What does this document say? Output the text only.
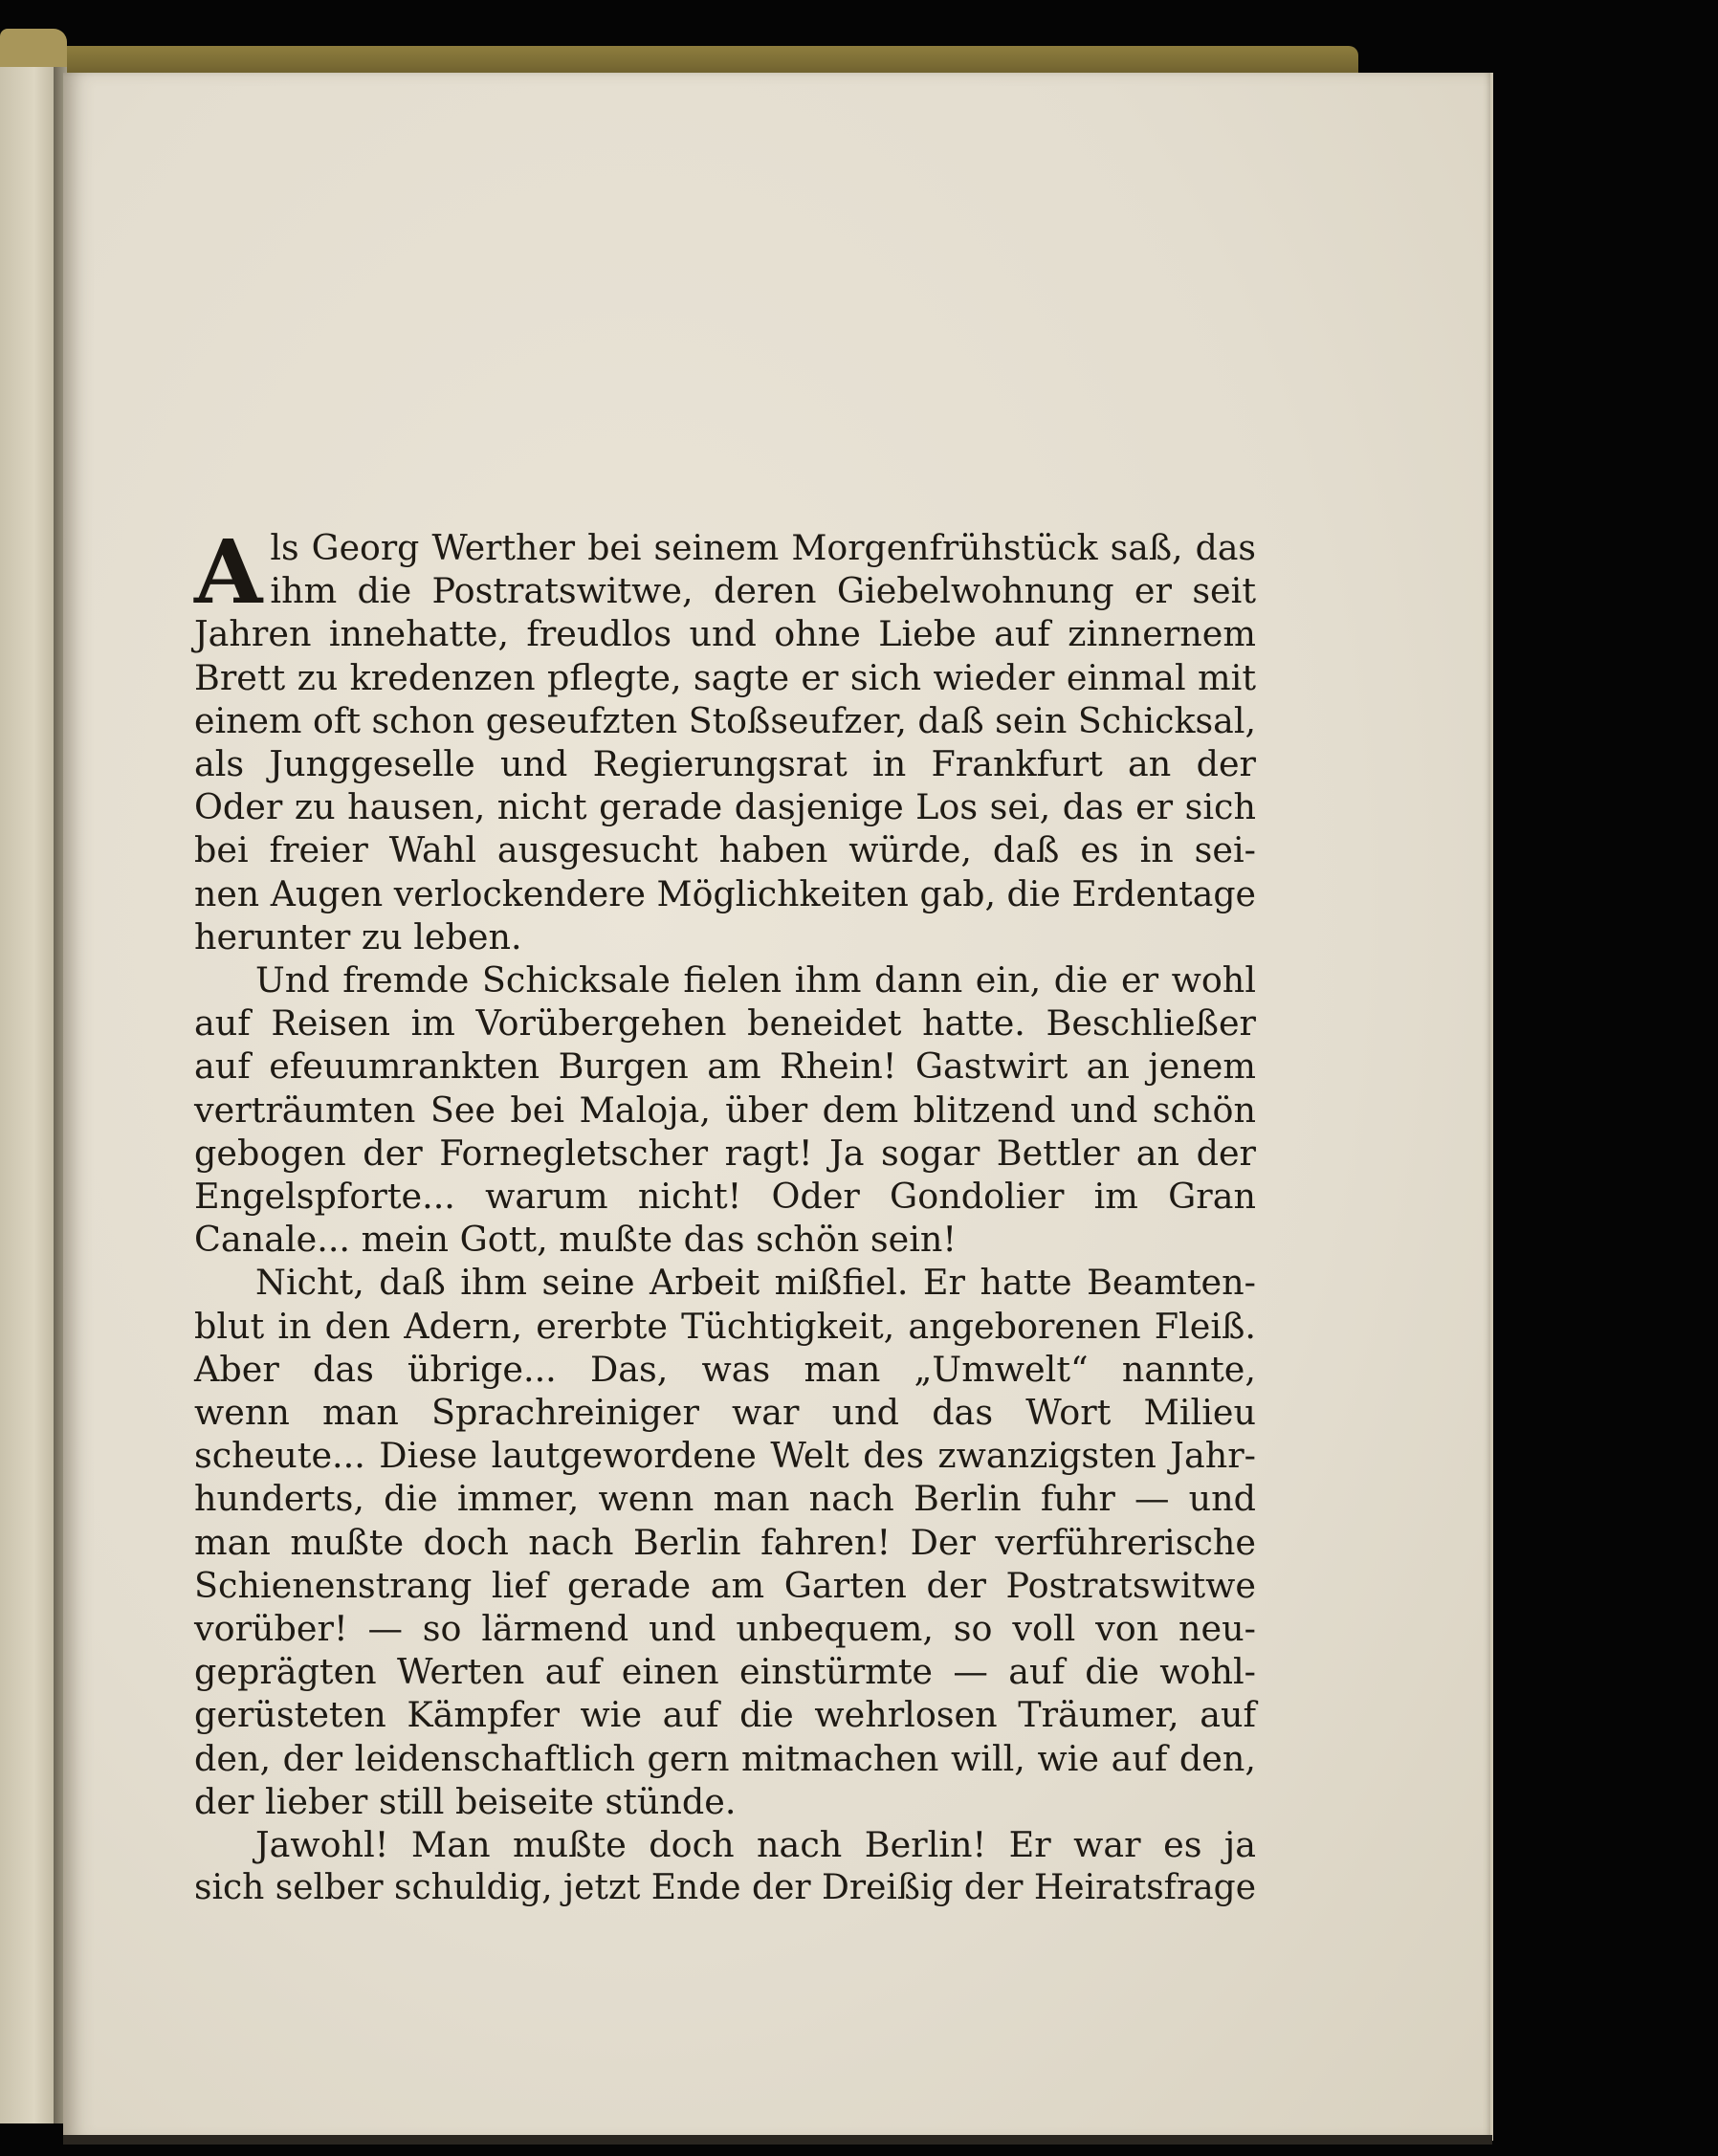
A ls Georg Werther bei seinem Morgenfrühstück saß, das
ihm die Postratswitwe, deren Giebelwohnung er seit
Jahren innehatte, freudlos und ohne Liebe auf zinnernem
Brett zu kredenzen pflegte, sagte er sich wieder einmal mit
einem oft schon geseufzten Stoßseufzer, daß sein Schicksal,
als Junggeselle und Regierungsrat in Frankfurt an der
Oder zu hausen, nicht gerade dasjenige Los sei, das er sich
bei freier Wahl ausgesucht haben würde, daß es in sei-
nen Augen verlockendere Möglichkeiten gab, die Erdentage
herunter zu leben.
Und fremde Schicksale fielen ihm dann ein, die er wohl
auf Reisen im Vorübergehen beneidet hatte. Beschließer
auf efeuumrankten Burgen am Rhein! Gastwirt an jenem
verträumten See bei Maloja, über dem blitzend und schön
gebogen der Fornegletscher ragt! Ja sogar Bettler an der
Engelspforte... warum nicht! Oder Gondolier im Gran
Canale... mein Gott, mußte das schön sein!
Nicht, daß ihm seine Arbeit mißfiel. Er hatte Beamten-
blut in den Adern, ererbte Tüchtigkeit, angeborenen Fleiß.
Aber das übrige... Das, was man „Umwelt“ nannte,
wenn man Sprachreiniger war und das Wort Milieu
scheute... Diese lautgewordene Welt des zwanzigsten Jahr-
hunderts, die immer, wenn man nach Berlin fuhr — und
man mußte doch nach Berlin fahren! Der verführerische
Schienenstrang lief gerade am Garten der Postratswitwe
vorüber! — so lärmend und unbequem, so voll von neu-
geprägten Werten auf einen einstürmte — auf die wohl-
gerüsteten Kämpfer wie auf die wehrlosen Träumer, auf
den, der leidenschaftlich gern mitmachen will, wie auf den,
der lieber still beiseite stünde.
Jawohl! Man mußte doch nach Berlin! Er war es ja
sich selber schuldig, jetzt Ende der Dreißig der Heiratsfrage
